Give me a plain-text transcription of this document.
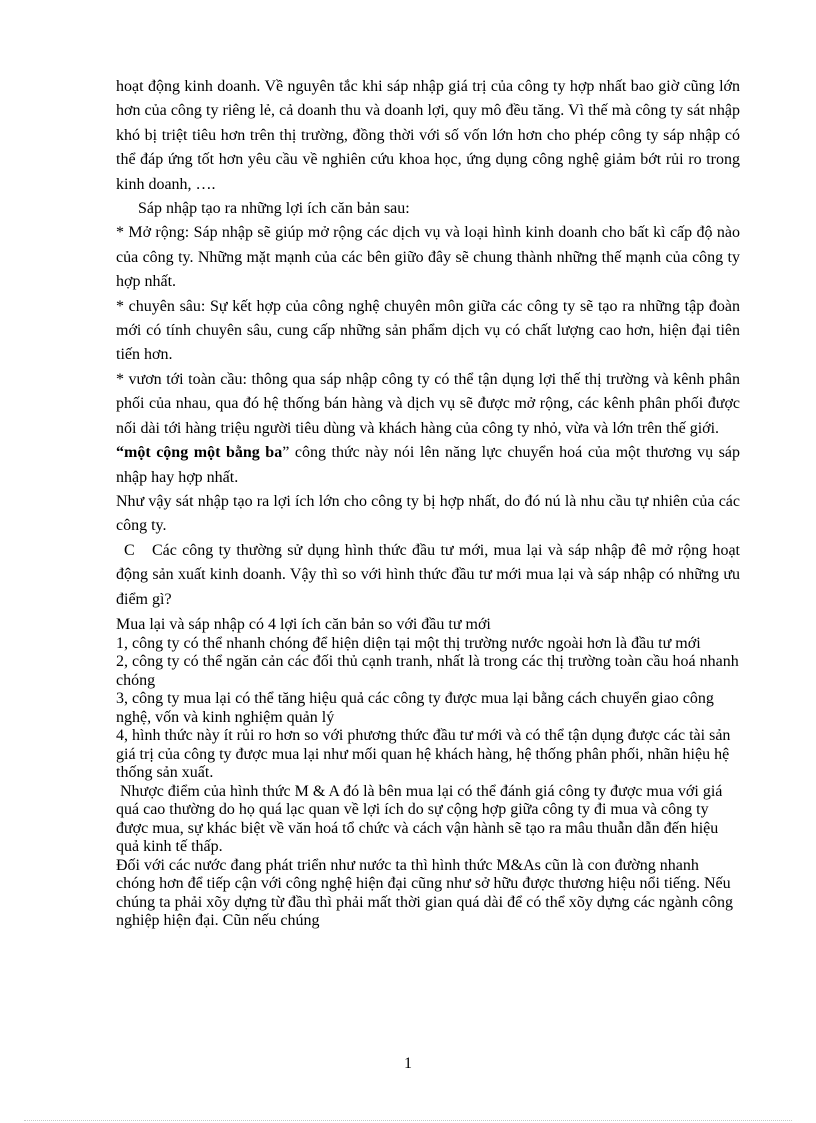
hoạt động kinh doanh. Về nguyên tắc khi sáp nhập giá trị của công ty hợp nhất bao giờ cũng lớn hơn của công ty riêng lẻ, cả doanh thu và doanh lợi, quy mô đều tăng. Vì thế mà công ty sát nhập khó bị triệt tiêu hơn trên thị trường, đồng thời với số vốn lớn hơn cho phép công ty sáp nhập có thể đáp ứng tốt hơn yêu cầu về nghiên cứu khoa học, ứng dụng công nghệ giảm bớt rủi ro trong kinh doanh, ….

Sáp nhập tạo ra những lợi ích căn bản sau:

* Mở rộng: Sáp nhập sẽ giúp mở rộng các dịch vụ và loại hình kinh doanh cho bất kì cấp độ nào của công ty. Những mặt mạnh của các bên giữo đây sẽ chung thành những thế mạnh của công ty hợp nhất.

* chuyên sâu: Sự kết hợp của công nghệ chuyên môn giữa các công ty sẽ tạo ra những tập đoàn mới có tính chuyên sâu, cung cấp những sản phẩm dịch vụ có chất lượng cao hơn, hiện đại tiên tiến hơn.

* vươn tới toàn cầu: thông qua sáp nhập công ty có thể tận dụng lợi thế thị trường và kênh phân phối của nhau, qua đó hệ thống bán hàng và dịch vụ sẽ được mở rộng, các kênh phân phối được nối dài tới hàng triệu người tiêu dùng và khách hàng của công ty nhỏ, vừa và lớn trên thế giới.

“một cộng một bằng ba” công thức này nói lên năng lực chuyển hoá của một thương vụ sáp nhập hay hợp nhất.

Như vậy sát nhập tạo ra lợi ích lớn cho công ty bị hợp nhất, do đó nú là nhu cầu tự nhiên của các công ty.

C Các công ty thường sử dụng hình thức đầu tư mới, mua lại và sáp nhập đê mở rộng hoạt động sản xuất kinh doanh. Vậy thì so với hình thức đầu tư mới mua lại và sáp nhập có những ưu điểm gì?

Mua lại và sáp nhập có 4 lợi ích căn bản so với đầu tư mới

1, công ty có thể nhanh chóng để hiện diện tại một thị trường nước ngoài hơn là đầu tư mới

2, công ty có thể ngăn cản các đối thủ cạnh tranh, nhất là trong các thị trường toàn cầu hoá nhanh chóng

3, công ty mua lại có thể tăng hiệu quả các công ty được mua lại bằng cách chuyển giao công nghệ, vốn và kinh nghiệm quản lý

4, hình thức này ít rủi ro hơn so với phương thức đầu tư mới và có thể tận dụng được các tài sản giá trị của công ty được mua lại như mối quan hệ khách hàng, hệ thống phân phối, nhãn hiệu hệ thống sản xuất.

Nhược điểm của hình thức M & A đó là bên mua lại có thể đánh giá công ty được mua với giá quá cao thường do họ quá lạc quan về lợi ích do sự cộng hợp giữa công ty đi mua và công ty được mua, sự khác biệt về văn hoá tổ chức và cách vận hành sẽ tạo ra mâu thuẫn dẫn đến hiệu quả kinh tế thấp.

Đối với các nước đang phát triển như nước ta thì hình thức M&As cũn là con đường nhanh chóng hơn để tiếp cận với công nghệ hiện đại cũng như sở hữu được thương hiệu nổi tiếng. Nếu chúng ta phải xõy dựng từ đầu thì phải mất thời gian quá dài để có thể xõy dựng các ngành công nghiệp hiện đại. Cũn nếu chúng

1
